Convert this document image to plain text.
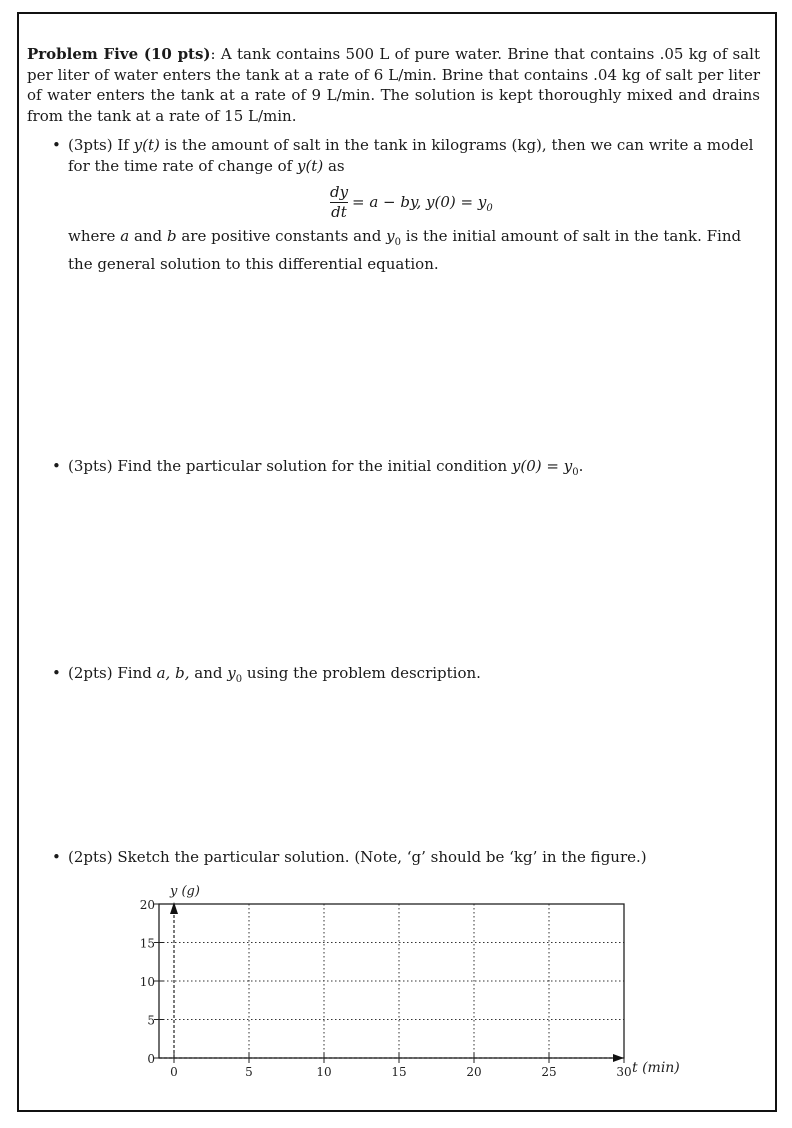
Problem Five (10 pts): A tank contains 500 L of pure water. Brine that contains .05 kg of salt per liter of water enters the tank at a rate of 6 L/min. Brine that contains .04 kg of salt per liter of water enters the tank at a rate of 9 L/min. The solution is kept thoroughly mixed and drains from the tank at a rate of 15 L/min.
• (3pts) If y(t) is the amount of salt in the tank in kilograms (kg), then we can write a model for the time rate of change of y(t) as
dy
dt
= a − by, $y(0) = y_0$
where a and b are positive constants and $y_0$ is the initial amount of salt in the tank. Find the general solution to this differential equation.
• (3pts) Find the particular solution for the initial condition $y(0) = y_0$.
• (2pts) Find a, b, and $y_0$ using the problem description.
• (2pts) Sketch the particular solution. (Note, ‘g’ should be ‘kg’ in the figure.)
0
5
10
15
20
0	5	10	15	20	25	30
y (g)
t (min)
